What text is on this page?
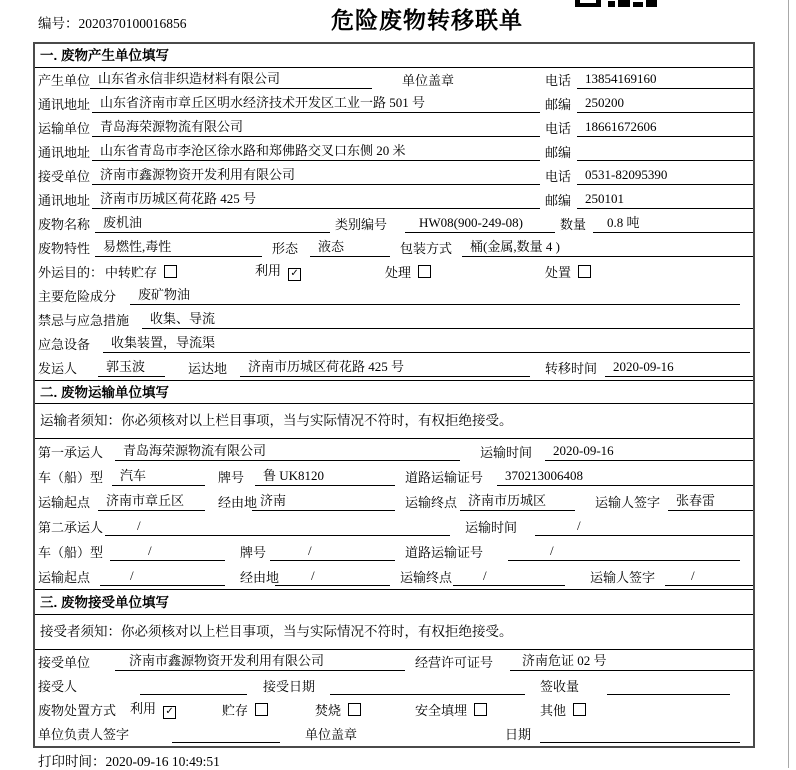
编号：2020370100016856	危险废物转移联单
一. 废物产生单位填写
产生单位 山东省永信非织造材料有限公司	单位盖章	电话	13854169160
通讯地址 山东省济南市章丘区明水经济技术开发区工业一路 501 号	邮编	250200
运输单位 青岛海荣源物流有限公司	电话	18661672606
通讯地址 山东省青岛市李沧区徐水路和郑佛路交叉口东侧 20 米	邮编
接受单位 济南市鑫源物资开发利用有限公司	电话	0531-82095390
通讯地址 济南市历城区荷花路 425 号	邮编	250101
废物名称 废机油	类别编号	HW08(900-249-08)	数量	0.8 吨
废物特性 易燃性,毒性	形态	液态	包装方式	桶(金属,数量 4 )
外运目的： 中转贮存	利用 ✓	处理	处置
主要危险成分	废矿物油
禁忌与应急措施	收集、导流
应急设备	收集装置，导流渠
发运人	郭玉波	运达地	济南市历城区荷花路 425 号	转移时间	2020-09-16
二. 废物运输单位填写
运输者须知：你必须核对以上栏目事项，当与实际情况不符时，有权拒绝接受。
第一承运人	青岛海荣源物流有限公司	运输时间	2020-09-16
车（船）型	汽车	牌号	鲁 UK8120	道路运输证号	370213006408
运输起点	济南市章丘区	经由地 济南	运输终点 济南市历城区	运输人签字	张春雷
第二承运人	/	运输时间	/
车（船）型	/	牌号	/	道路运输证号	/
运输起点	/	经由地	/	运输终点	/	运输人签字	/
三. 废物接受单位填写
接受者须知：你必须核对以上栏目事项，当与实际情况不符时，有权拒绝接受。
接受单位	济南市鑫源物资开发利用有限公司	经营许可证号	济南危证 02 号
接受人	接受日期	签收量
废物处置方式 利用 ✓	贮存	焚烧	安全填埋	其他
单位负责人签字	单位盖章	日期
打印时间：2020-09-16 10:49:51
